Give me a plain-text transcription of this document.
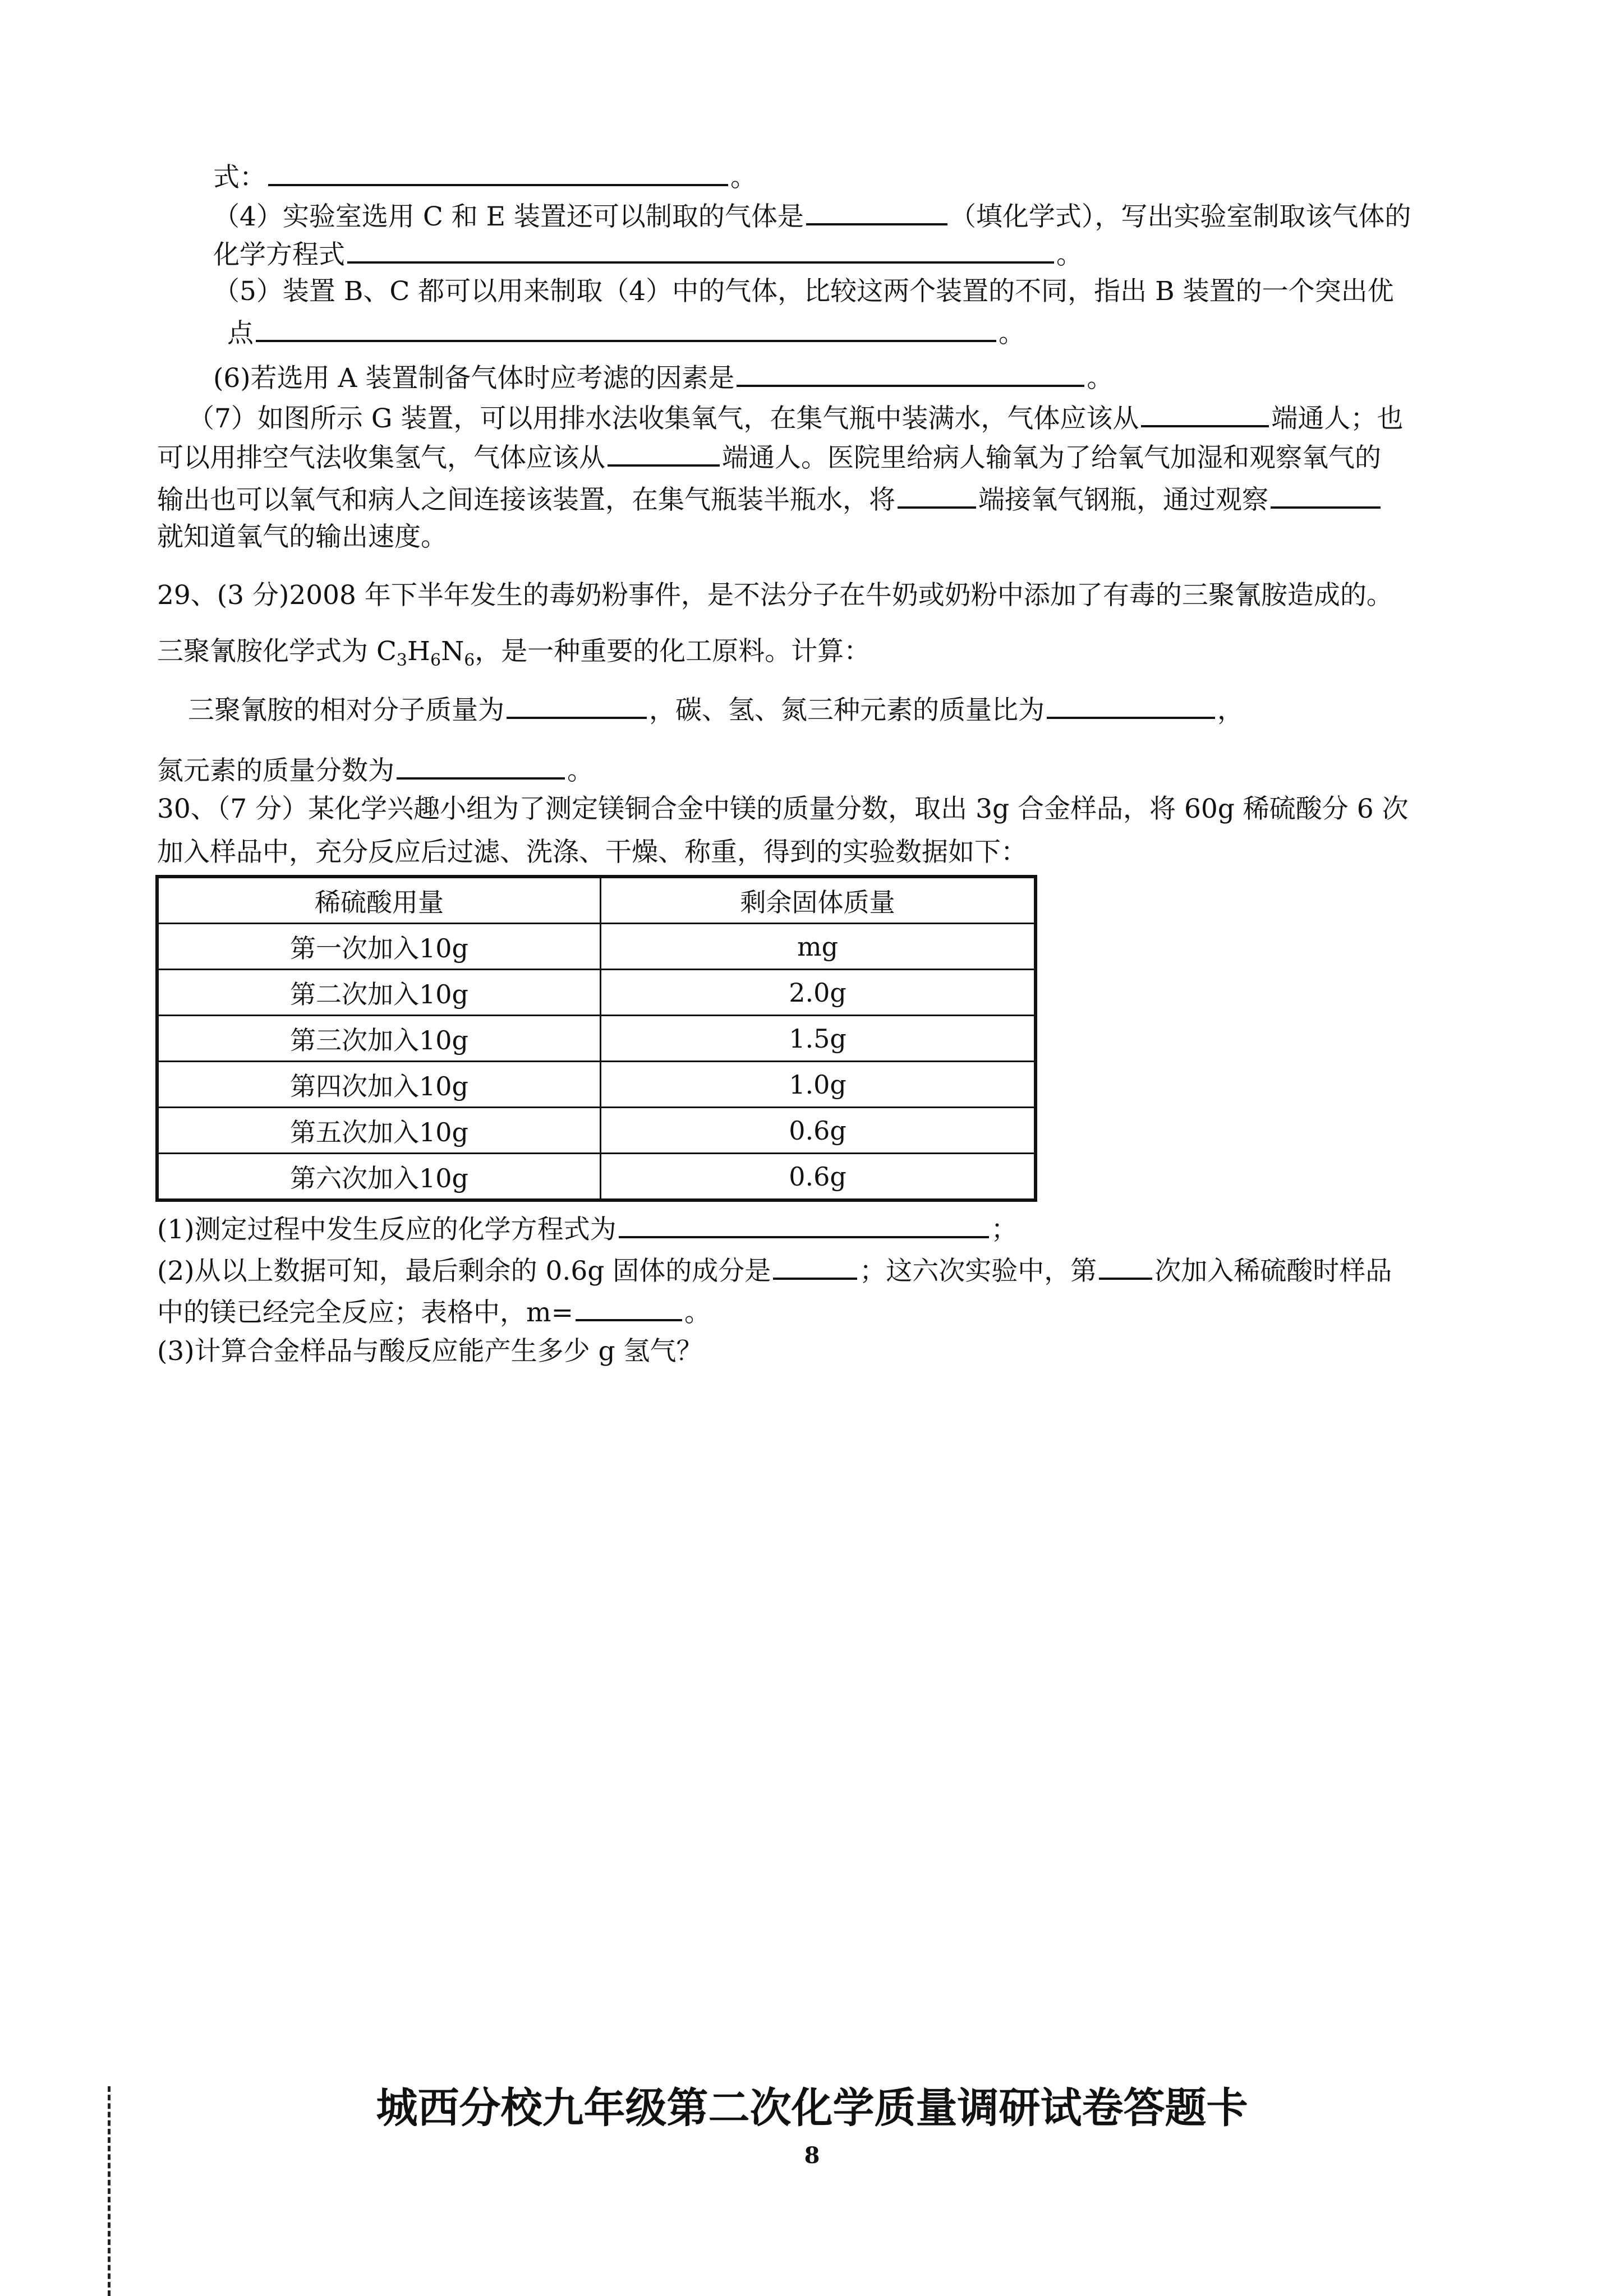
式：	。
（4）实验室选用 C 和 E 装置还可以制取的气体是	（填化学式），写出实验室制取该气体的
化学方程式	。
（5）装置 B、C 都可以用来制取（4）中的气体，比较这两个装置的不同，指出 B 装置的一个突出优
点	。
(6)若选用 A 装置制备气体时应考滤的因素是	。
（7）如图所示 G 装置，可以用排水法收集氧气，在集气瓶中装满水，气体应该从	端通人；也
可以用排空气法收集氢气，气体应该从	端通人。医院里给病人输氧为了给氧气加湿和观察氧气的
输出也可以氧气和病人之间连接该装置，在集气瓶装半瓶水，将	端接氧气钢瓶，通过观察
就知道氧气的输出速度。
29、(3 分)2008 年下半年发生的毒奶粉事件，是不法分子在牛奶或奶粉中添加了有毒的三聚氰胺造成的。
三聚氰胺化学式为 $C_3H_6N_6$，是一种重要的化工原料。计算：
三聚氰胺的相对分子质量为	，碳、氢、氮三种元素的质量比为	，
氮元素的质量分数为	。
30、（7 分）某化学兴趣小组为了测定镁铜合金中镁的质量分数，取出 3g 合金样品，将 60g 稀硫酸分 6 次
加入样品中，充分反应后过滤、洗涤、干燥、称重，得到的实验数据如下：
稀硫酸用量	剩余固体质量
第一次加入10g	mg
第二次加入10g	2.0g
第三次加入10g	1.5g
第四次加入10g	1.0g
第五次加入10g	0.6g
第六次加入10g	0.6g
(1)测定过程中发生反应的化学方程式为	；
(2)从以上数据可知，最后剩余的 0.6g 固体的成分是	；这六次实验中，第 次加入稀硫酸时样品
中的镁已经完全反应；表格中，m=	。
(3)计算合金样品与酸反应能产生多少 g 氢气？
城西分校九年级第二次化学质量调研试卷答题卡
8
